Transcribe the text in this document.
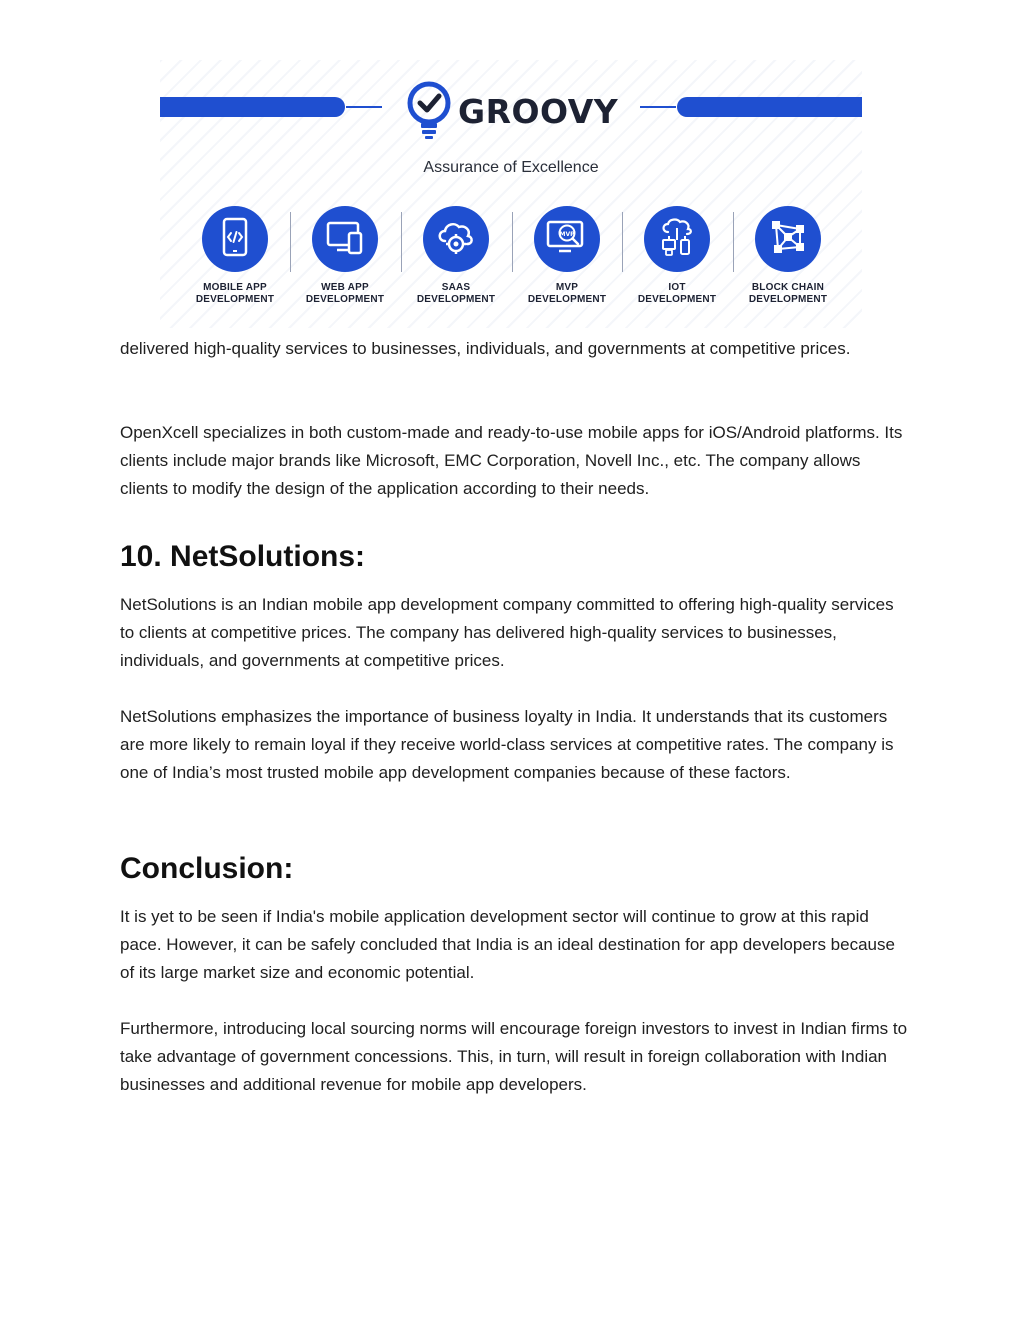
GROOVY
Assurance of Excellence
MOBILE APP
DEVELOPMENT
WEB APP
DEVELOPMENT
SAAS
DEVELOPMENT
MVP
MVP
DEVELOPMENT
IOT
DEVELOPMENT
BLOCK CHAIN
DEVELOPMENT

delivered high-quality services to businesses, individuals, and governments at competitive prices.

OpenXcell specializes in both custom-made and ready-to-use mobile apps for iOS/Android platforms. Its clients include major brands like Microsoft, EMC Corporation, Novell Inc., etc. The company allows clients to modify the design of the application according to their needs.

10. NetSolutions:

NetSolutions is an Indian mobile app development company committed to offering high-quality services to clients at competitive prices. The company has delivered high-quality services to businesses, individuals, and governments at competitive prices.

NetSolutions emphasizes the importance of business loyalty in India. It understands that its customers are more likely to remain loyal if they receive world-class services at competitive rates. The company is one of India’s most trusted mobile app development companies because of these factors.

Conclusion:

It is yet to be seen if India's mobile application development sector will continue to grow at this rapid pace. However, it can be safely concluded that India is an ideal destination for app developers because of its large market size and economic potential.

Furthermore, introducing local sourcing norms will encourage foreign investors to invest in Indian firms to take advantage of government concessions. This, in turn, will result in foreign collaboration with Indian businesses and additional revenue for mobile app developers.
